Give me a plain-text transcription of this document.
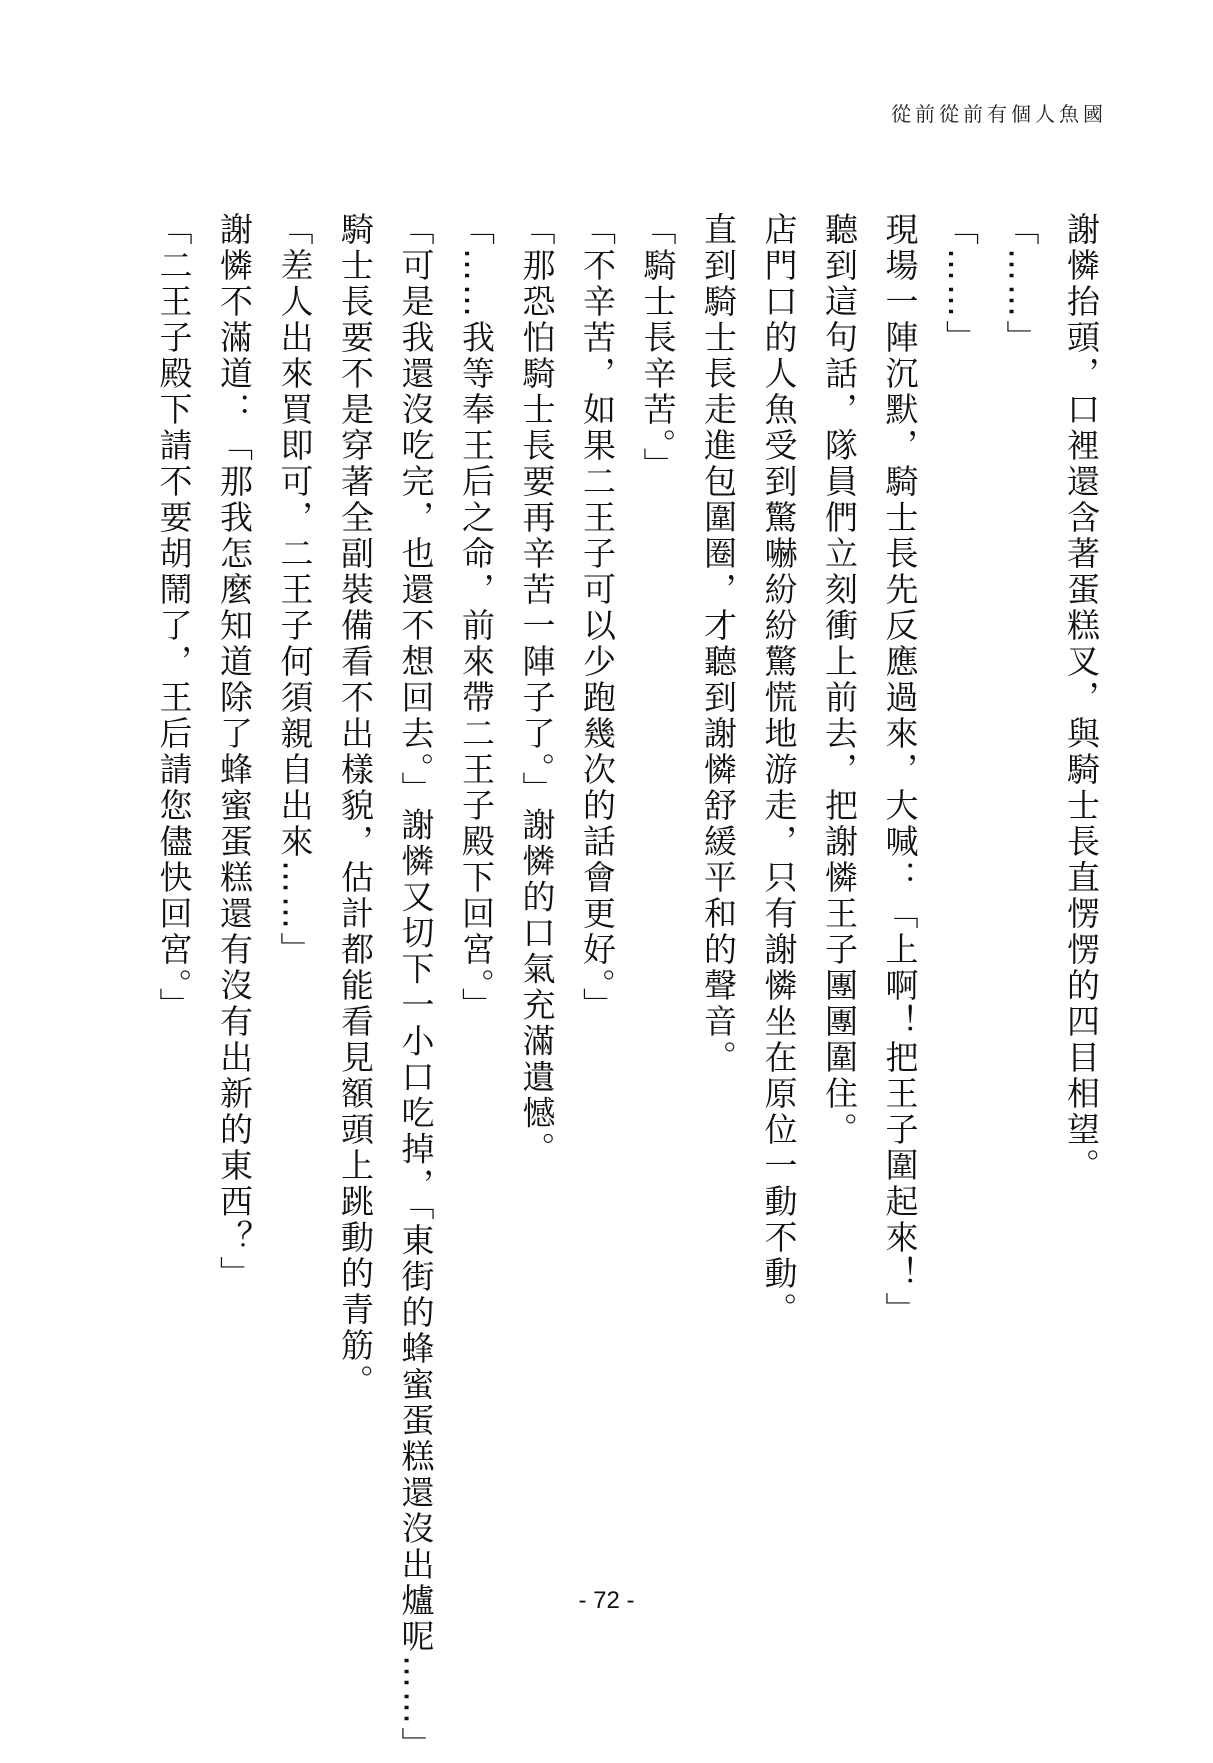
從前從前有個人魚國

謝憐抬頭，口裡還含著蛋糕叉，與騎士長直愣愣的四目相望。

「……」

「……」

現場一陣沉默，騎士長先反應過來，大喊：「上啊！把王子圍起來！」

聽到這句話，隊員們立刻衝上前去，把謝憐王子團團圍住。

店門口的人魚受到驚嚇紛紛驚慌地游走，只有謝憐坐在原位一動不動。

直到騎士長走進包圍圈，才聽到謝憐舒緩平和的聲音。

「騎士長辛苦。」

「不辛苦，如果二王子可以少跑幾次的話會更好。」

「那恐怕騎士長要再辛苦一陣子了。」謝憐的口氣充滿遺憾。

「……我等奉王后之命，前來帶二王子殿下回宮。」

「可是我還沒吃完，也還不想回去。」謝憐又切下一小口吃掉，「東街的蜂蜜蛋糕還沒出爐呢……」

騎士長要不是穿著全副裝備看不出樣貌，估計都能看見額頭上跳動的青筋。

「差人出來買即可，二王子何須親自出來……」

謝憐不滿道：「那我怎麼知道除了蜂蜜蛋糕還有沒有出新的東西？」

「二王子殿下請不要胡鬧了，王后請您儘快回宮。」

- 72 -
